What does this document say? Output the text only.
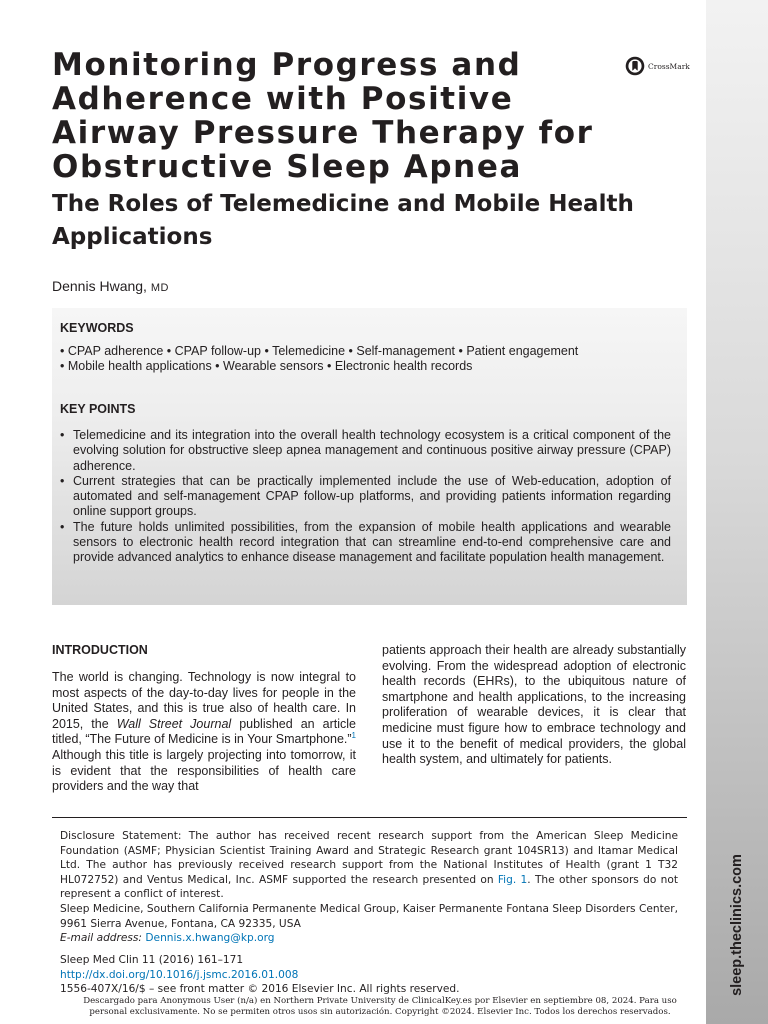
sleep.theclinics.com
Monitoring Progress and Adherence with Positive Airway Pressure Therapy for Obstructive Sleep Apnea
The Roles of Telemedicine and Mobile Health Applications
CrossMark
Dennis Hwang, MD
KEYWORDS
• CPAP adherence • CPAP follow-up • Telemedicine • Self-management • Patient engagement
• Mobile health applications • Wearable sensors • Electronic health records
KEY POINTS
• Telemedicine and its integration into the overall health technology ecosystem is a critical component of the evolving solution for obstructive sleep apnea management and continuous positive airway pressure (CPAP) adherence.
• Current strategies that can be practically implemented include the use of Web-education, adoption of automated and self-management CPAP follow-up platforms, and providing patients information regarding online support groups.
• The future holds unlimited possibilities, from the expansion of mobile health applications and wearable sensors to electronic health record integration that can streamline end-to-end comprehensive care and provide advanced analytics to enhance disease management and facilitate population health management.
INTRODUCTION

The world is changing. Technology is now integral to most aspects of the day-to-day lives for people in the United States, and this is true also of health care. In 2015, the Wall Street Journal published an article titled, “The Future of Medicine is in Your Smartphone.”$^1$ Although this title is largely projecting into tomorrow, it is evident that the responsibilities of health care providers and the way that

patients approach their health are already substantially evolving. From the widespread adoption of electronic health records (EHRs), to the ubiquitous nature of smartphone and health applications, to the increasing proliferation of wearable devices, it is clear that medicine must figure how to embrace technology and use it to the benefit of medical providers, the global health system, and ultimately for patients.

Disclosure Statement: The author has received recent research support from the American Sleep Medicine Foundation (ASMF; Physician Scientist Training Award and Strategic Research grant 104SR13) and Itamar Medical Ltd. The author has previously received research support from the National Institutes of Health (grant 1 T32 HL072752) and Ventus Medical, Inc. ASMF supported the research presented on Fig. 1. The other sponsors do not represent a conflict of interest.

Sleep Medicine, Southern California Permanente Medical Group, Kaiser Permanente Fontana Sleep Disorders Center, 9961 Sierra Avenue, Fontana, CA 92335, USA

E-mail address: Dennis.x.hwang@kp.org

Sleep Med Clin 11 (2016) 161–171
http://dx.doi.org/10.1016/j.jsmc.2016.01.008
1556-407X/16/$ – see front matter © 2016 Elsevier Inc. All rights reserved.
Descargado para Anonymous User (n/a) en Northern Private University de ClinicalKey.es por Elsevier en septiembre 08, 2024. Para uso
personal exclusivamente. No se permiten otros usos sin autorización. Copyright ©2024. Elsevier Inc. Todos los derechos reservados.
